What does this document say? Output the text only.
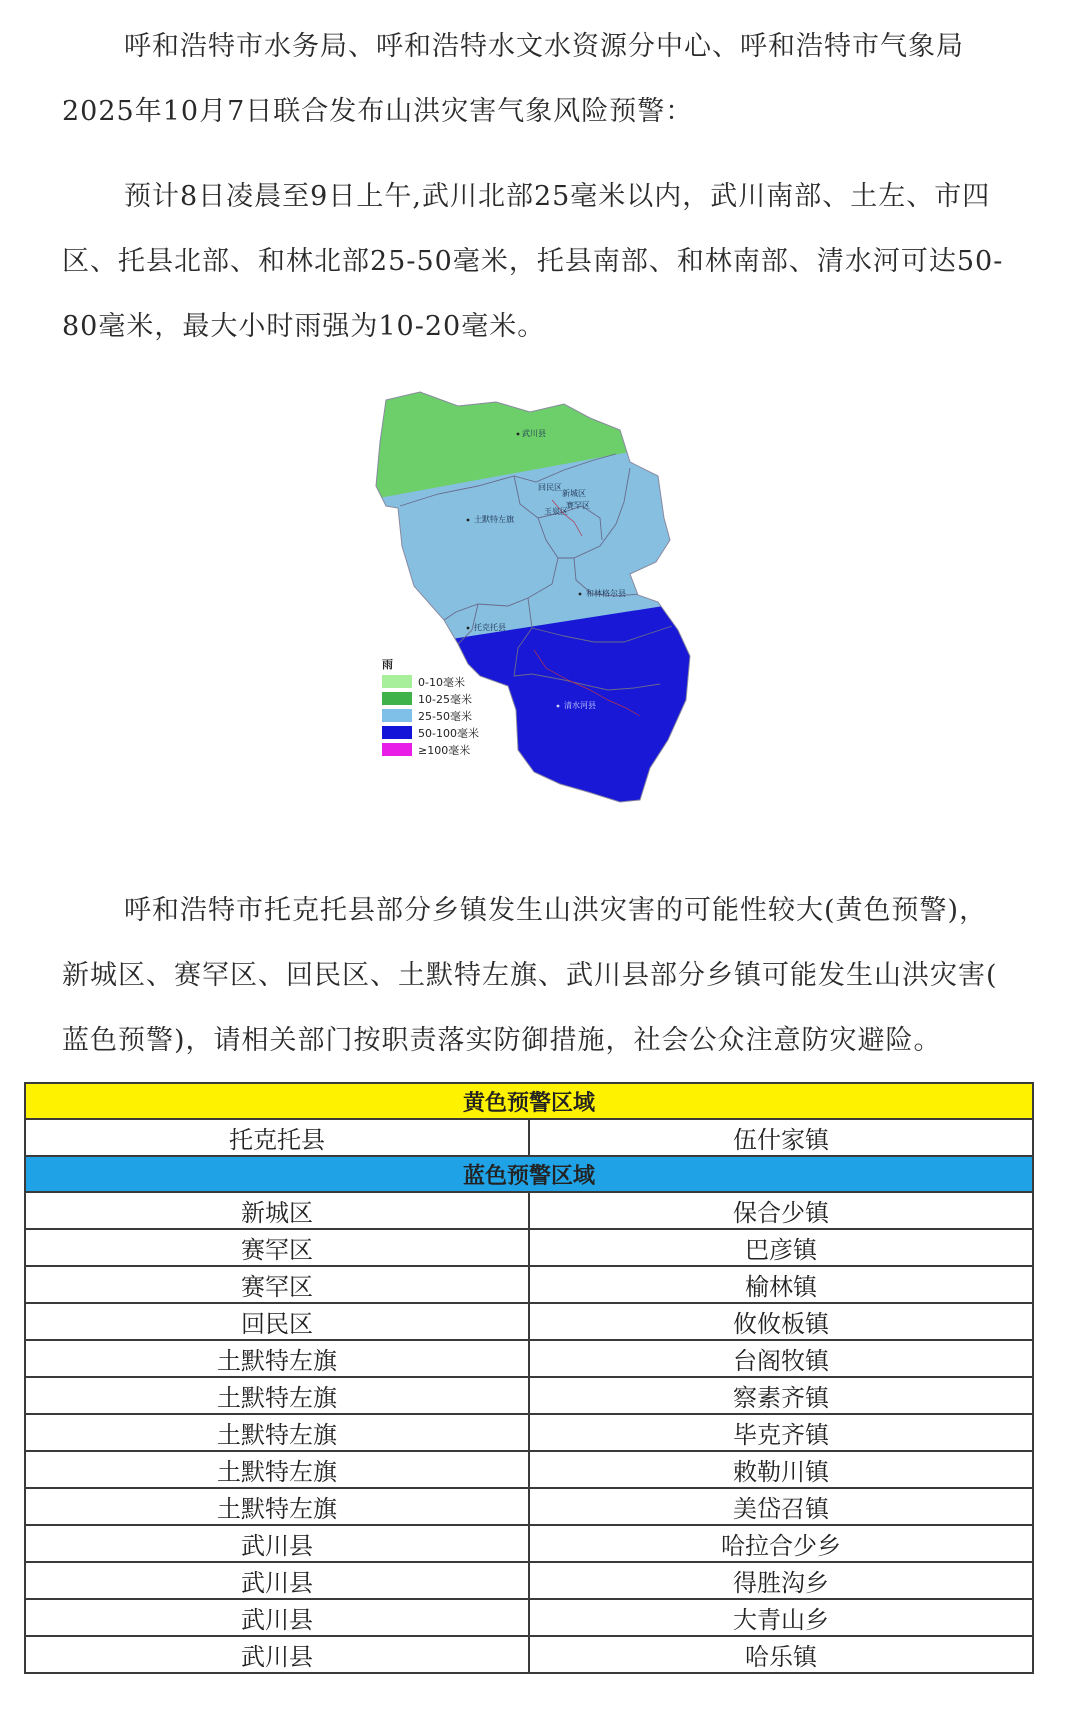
呼和浩特市水务局、呼和浩特水文水资源分中心、呼和浩特市气象局
2025年10月7日联合发布山洪灾害气象风险预警：

预计8日凌晨至9日上午,武川北部25毫米以内，武川南部、土左、市四
区、托县北部、和林北部25-50毫米，托县南部、和林南部、清水河可达50-
80毫米，最大小时雨强为10-20毫米。

武川县
回民区
新城区
赛罕区
玉泉区
土默特左旗
和林格尔县
托克托县
清水河县
雨
0-10毫米
10-25毫米
25-50毫米
50-100毫米
≥100毫米

呼和浩特市托克托县部分乡镇发生山洪灾害的可能性较大(黄色预警)，
新城区、赛罕区、回民区、土默特左旗、武川县部分乡镇可能发生山洪灾害(
蓝色预警)，请相关部门按职责落实防御措施，社会公众注意防灾避险。

黄色预警区域	
托克托县	伍什家镇
蓝色预警区域	
新城区	保合少镇
赛罕区	巴彦镇
赛罕区	榆林镇
回民区	攸攸板镇
土默特左旗	台阁牧镇
土默特左旗	察素齐镇
土默特左旗	毕克齐镇
土默特左旗	敕勒川镇
土默特左旗	美岱召镇
武川县	哈拉合少乡
武川县	得胜沟乡
武川县	大青山乡
武川县	哈乐镇
